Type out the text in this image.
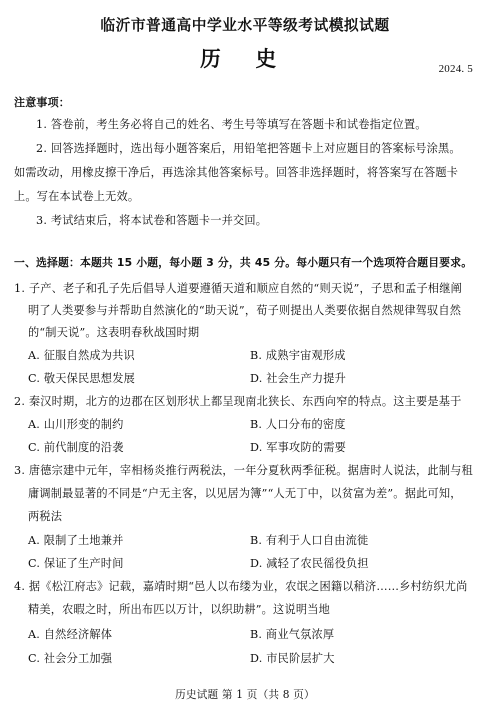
临沂市普通高中学业水平等级考试模拟试题
历 史	2024. 5
注意事项：
1. 答卷前，考生务必将自己的姓名、考生号等填写在答题卡和试卷指定位置。
2. 回答选择题时，选出每小题答案后，用铅笔把答题卡上对应题目的答案标号涂黑。
如需改动，用橡皮擦干净后，再选涂其他答案标号。回答非选择题时，将答案写在答题卡
上。写在本试卷上无效。
3. 考试结束后，将本试卷和答题卡一并交回。
一、选择题：本题共 15 小题，每小题 3 分，共 45 分。每小题只有一个选项符合题目要求。
1. 子产、老子和孔子先后倡导人道要遵循天道和顺应自然的“则天说”，子思和孟子相继阐
明了人类要参与并帮助自然演化的“助天说”，荀子则提出人类要依据自然规律驾驭自然
的“制天说”。这表明春秋战国时期
A. 征服自然成为共识	B. 成熟宇宙观形成
C. 敬天保民思想发展	D. 社会生产力提升
2. 秦汉时期，北方的边郡在区划形状上都呈现南北狭长、东西向窄的特点。这主要是基于
A. 山川形变的制约	B. 人口分布的密度
C. 前代制度的沿袭	D. 军事攻防的需要
3. 唐德宗建中元年，宰相杨炎推行两税法，一年分夏秋两季征税。据唐时人说法，此制与租
庸调制最显著的不同是“户无主客，以见居为簿”“人无丁中，以贫富为差”。据此可知，
两税法
A. 限制了土地兼并	B. 有利于人口自由流徙
C. 保证了生产时间	D. 减轻了农民徭役负担
4. 据《松江府志》记载，嘉靖时期“邑人以布缕为业，农氓之困籍以稍济……乡村纺织尤尚
精美，农暇之时，所出布匹以万计，以织助耕”。这说明当地
A. 自然经济解体	B. 商业气氛浓厚
C. 社会分工加强	D. 市民阶层扩大
历史试题 第 1 页（共 8 页）
